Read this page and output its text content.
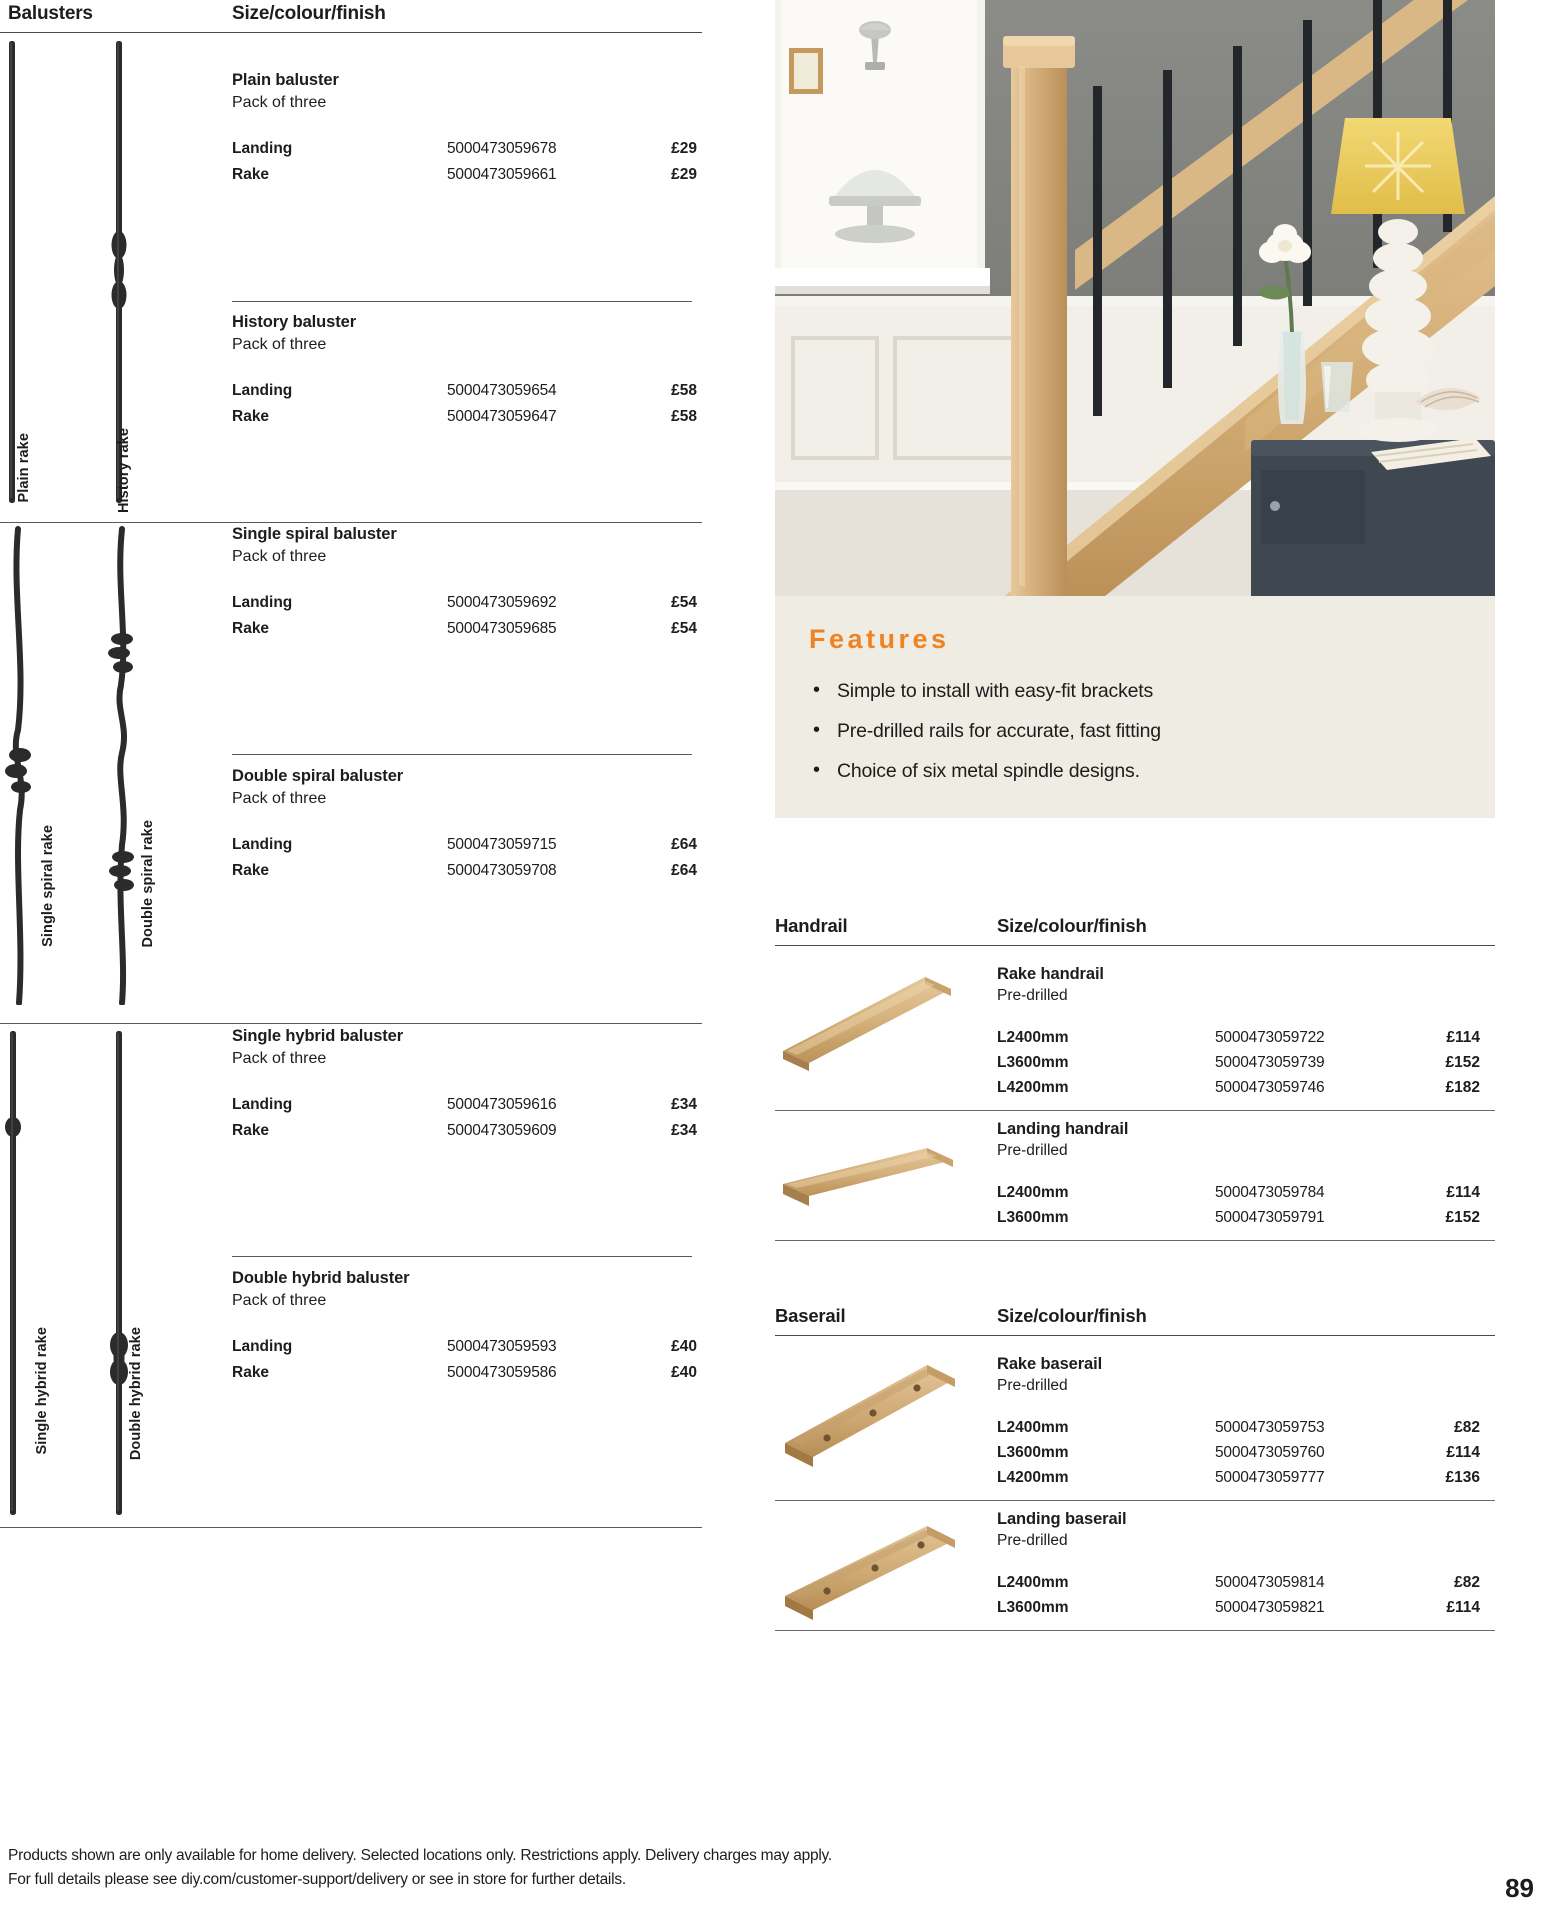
Balusters	Size/colour/finish
Plain rake	History rake
Plain baluster
Pack of three
Landing	5000473059678	£29
Rake	5000473059661	£29
History baluster
Pack of three
Landing	5000473059654	£58
Rake	5000473059647	£58
Single spiral rake	Double spiral rake
Single spiral baluster
Pack of three
Landing	5000473059692	£54
Rake	5000473059685	£54
Double spiral baluster
Pack of three
Landing	5000473059715	£64
Rake	5000473059708	£64
Single hybrid rake	Double hybrid rake
Single hybrid baluster
Pack of three
Landing	5000473059616	£34
Rake	5000473059609	£34
Double hybrid baluster
Pack of three
Landing	5000473059593	£40
Rake	5000473059586	£40
Features
• Simple to install with easy-fit brackets
• Pre-drilled rails for accurate, fast fitting
• Choice of six metal spindle designs.
Handrail	Size/colour/finish
Rake handrail
Pre-drilled
L2400mm	5000473059722	£114
L3600mm	5000473059739	£152
L4200mm	5000473059746	£182
Landing handrail
Pre-drilled
L2400mm	5000473059784	£114
L3600mm	5000473059791	£152
Baserail	Size/colour/finish
Rake baserail
Pre-drilled
L2400mm	5000473059753	£82
L3600mm	5000473059760	£114
L4200mm	5000473059777	£136
Landing baserail
Pre-drilled
L2400mm	5000473059814	£82
L3600mm	5000473059821	£114
Products shown are only available for home delivery. Selected locations only. Restrictions apply. Delivery charges may apply.
For full details please see diy.com/customer-support/delivery or see in store for further details.	89
